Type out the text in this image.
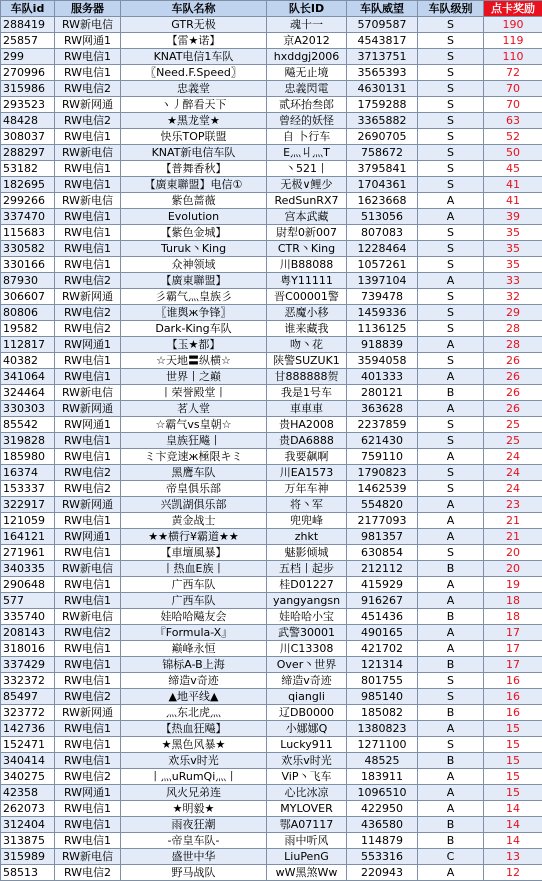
车队id	服务器	车队名称	队长ID	车队威望	车队级别	点卡奖励
288419	RW新电信	GTR无极	魂十一	5709587	S	190
25857	RW网通1	【雷★诺】	京A2012	4543817	S	119
299	RW电信1	KNAT电信1车队	hxddgj2006	3713751	S	110
270996	RW电信1	〖Need.F.Speed〗	飚无止境	3565393	S	72
315986	RW电信2	忠義堂	忠義閃電	4630131	S	70
293523	RW新网通	ヽ丿醉看天下	贰环抬叁郎	1759288	S	70
48428	RW电信2	★黑龙堂★	曾经的妖怪	3365882	S	63
308037	RW电信1	快乐TOP联盟	自 卜行车	2690705	S	52
288297	RW新电信	KNAT新电信车队	E灬丩灬T	758672	S	50
53182	RW电信1	【普舞香秋】	丶521丨	3795841	S	45
182695	RW电信1	【廣東聯盟】电信①	无极∨鲤少	1704361	S	41
299266	RW新电信	紫色蔷薇	RedSunRX7	1623668	A	41
337470	RW电信1	Evolution	宫本武藏	513056	A	39
115683	RW电信1	【紫色金城】	尉犁0新007	807083	S	35
330582	RW电信1	Turuk丶King	CTR丶King	1228464	S	35
330166	RW电信1	众神领域	川B88088	1057261	S	35
87930	RW电信2	【廣東聯盟】	粤Y11111	1397104	A	33
306607	RW新网通	彡霸气灬皇族彡	晋C00001警	739478	S	32
80806	RW电信2	〖谁舆ж争锋〗	恶魔小移	1459336	S	29
19582	RW电信2	Dark-King车队	谁来藏我	1136125	S	28
112817	RW网通1	【玉★都】	吻丶花	918839	A	28
40382	RW电信1	☆天地〓纵横☆	陕警SUZUK1	3594058	S	26
341064	RW电信1	世界丨之巅	甘888888贺	401333	A	26
324464	RW新电信	丨荣誉殿堂丨	我是1号车	280121	B	26
330303	RW新网通	茗人堂	車車車	363628	A	26
85542	RW网通1	☆霸气vs皇朝☆	贵HA2008	2237859	S	25
319828	RW电信1	皇族狂飚丨	贵DA6888	621430	S	25
185980	RW电信1	ミ卞竞速ж極限キミ	我要飙啊	759110	A	24
16374	RW电信2	黑鹰车队	川EA1573	1790823	S	24
153337	RW电信2	帝皇俱乐部	万年车神	1462539	S	24
322917	RW新网通	兴凯湖俱乐部	将丶军	554820	A	23
121059	RW电信1	黄金战士	兜兜峰	2177093	A	21
164121	RW网通1	★★横行¥霸道★★	zhkt	981357	A	21
271961	RW电信1	【車壇風暴】	魅影倾城	630854	S	20
340335	RW新电信	丨热血E族丨	五档丨起步	212112	B	20
290648	RW电信1	广西车队	桂D01227	415929	A	19
577	RW电信1	广西车队	yangyangsn	916267	A	18
335740	RW新电信	娃哈哈飚友会	娃哈哈小宝	451436	B	18
208143	RW电信2	『Formula-X』	武警30001	490165	A	17
318016	RW电信1	巅峰永恒	川C13308	421702	A	17
337429	RW电信1	锦标A-B上海	Over丶世界	121314	B	17
332372	RW电信1	缔造v奇迹	缔造v奇迹	801755	S	16
85497	RW电信2	▲地平线▲	qiangli	985140	S	16
323772	RW新网通	灬东北虎灬	辽DB0000	185082	B	16
142736	RW电信1	【热血狂飚】	小娜娜Q	1380823	A	15
152471	RW电信1	★黑色风暴★	Lucky911	1271100	S	15
340414	RW电信1	欢乐v时光	欢乐v时光	48525	B	15
340275	RW电信2	丨灬uRumQi灬丨	ViP丶飞车	183911	A	15
42358	RW网通1	风火兄弟连	心比冰凉	1096510	A	15
262073	RW电信1	★明毅★	MYLOVER	422950	A	14
312404	RW电信1	雨夜狂潮	鄂A07117	436580	B	14
313875	RW电信1	-帝皇车队-	雨中听风	114879	B	14
315989	RW新电信	盛世中华	LiuPenG	553316	C	13
58513	RW电信2	野马战队	wW黑煞Ww	220943	A	12
